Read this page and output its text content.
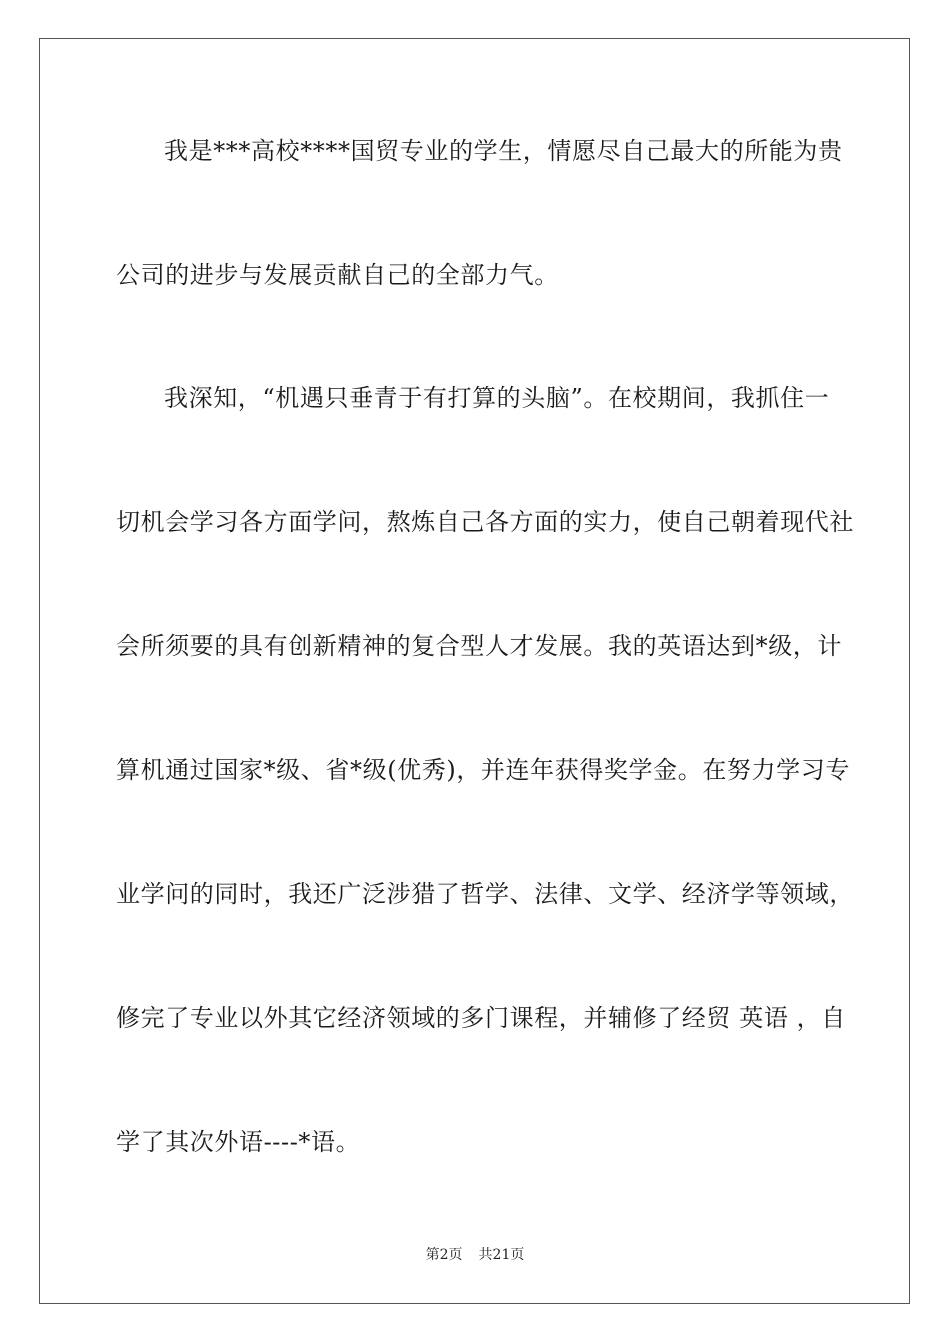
我是***高校****国贸专业的学生，情愿尽自己最大的所能为贵
公司的进步与发展贡献自己的全部力气。
我深知，“机遇只垂青于有打算的头脑”。在校期间，我抓住一
切机会学习各方面学问，熬炼自己各方面的实力，使自己朝着现代社
会所须要的具有创新精神的复合型人才发展。我的英语达到*级，计
算机通过国家*级、省*级(优秀)，并连年获得奖学金。在努力学习专
业学问的同时，我还广泛涉猎了哲学、法律、文学、经济学等领域，
修完了专业以外其它经济领域的多门课程，并辅修了经贸 英语 ，自
学了其次外语----*语。
第2页 共21页
